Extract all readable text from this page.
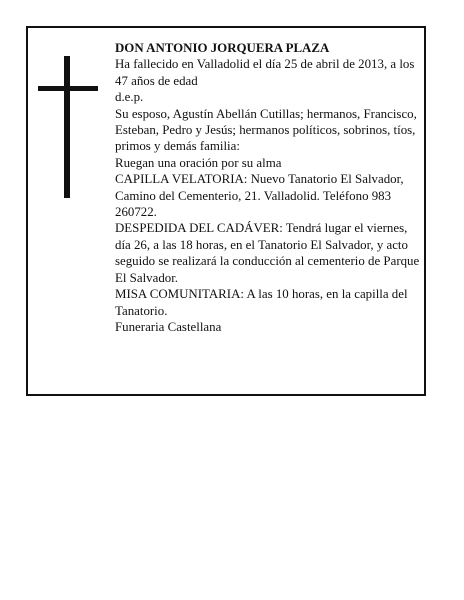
DON ANTONIO JORQUERA PLAZA

Ha fallecido en Valladolid el día 25 de abril de 2013, a los 47 años de edad

d.e.p.

Su esposo, Agustín Abellán Cutillas; hermanos, Francisco, Esteban, Pedro y Jesús; hermanos políticos, sobrinos, tíos, primos y demás familia:

Ruegan una oración por su alma

CAPILLA VELATORIA: Nuevo Tanatorio El Salvador, Camino del Cementerio, 21. Valladolid. Teléfono 983 260722.

DESPEDIDA DEL CADÁVER: Tendrá lugar el viernes, día 26, a las 18 horas, en el Tanatorio El Salvador, y acto seguido se realizará la conducción al cementerio de Parque El Salvador.

MISA COMUNITARIA: A las 10 horas, en la capilla del Tanatorio.

Funeraria Castellana
